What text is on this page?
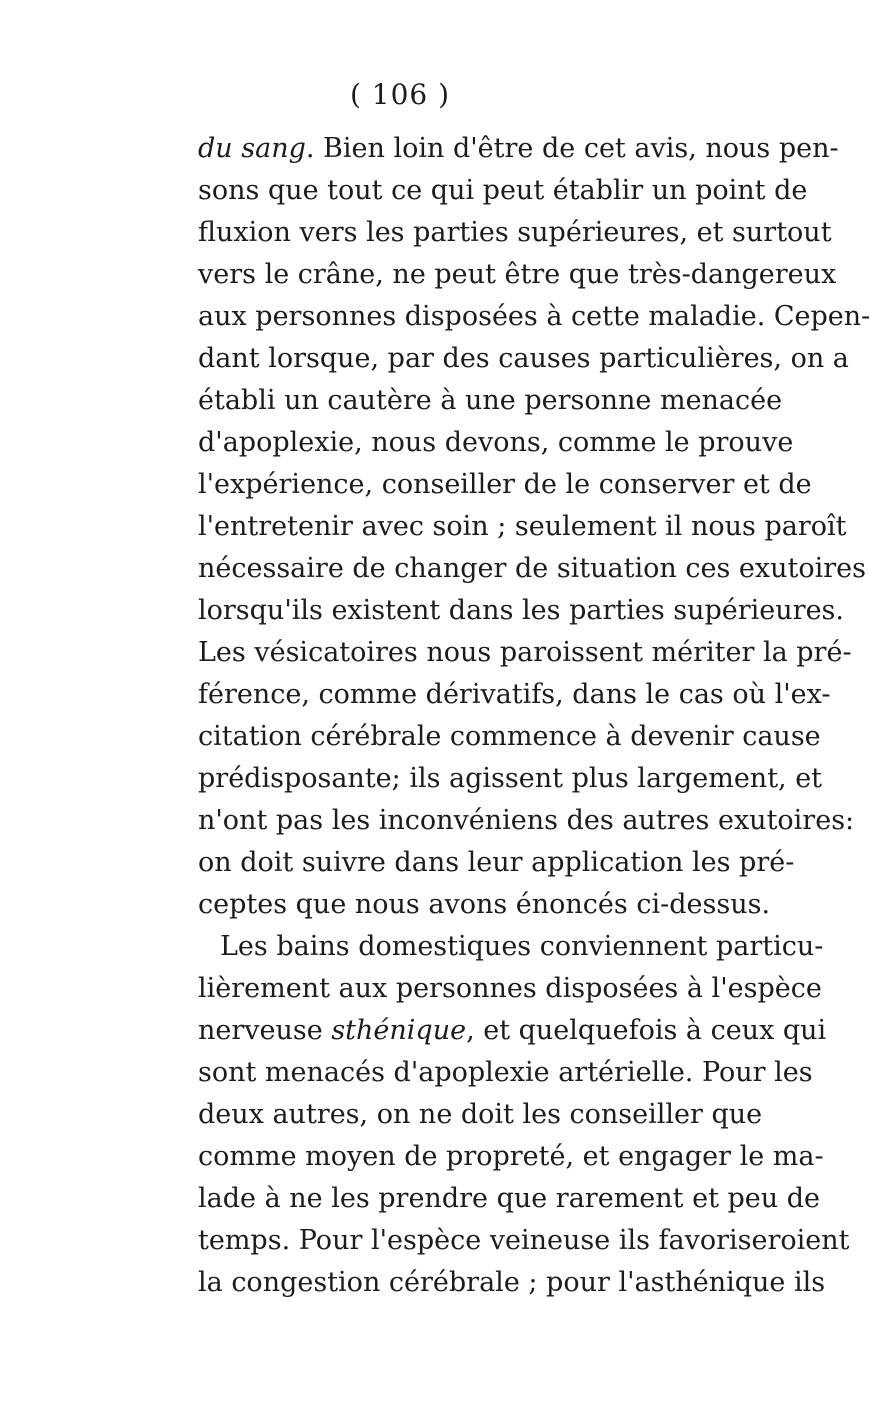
( 106 )
du sang. Bien loin d'être de cet avis, nous pen-
sons que tout ce qui peut établir un point de
fluxion vers les parties supérieures, et surtout
vers le crâne, ne peut être que très-dangereux
aux personnes disposées à cette maladie. Cepen-
dant lorsque, par des causes particulières, on a
établi un cautère à une personne menacée
d'apoplexie, nous devons, comme le prouve
l'expérience, conseiller de le conserver et de
l'entretenir avec soin ; seulement il nous paroît
nécessaire de changer de situation ces exutoires
lorsqu'ils existent dans les parties supérieures.
Les vésicatoires nous paroissent mériter la pré-
férence, comme dérivatifs, dans le cas où l'ex-
citation cérébrale commence à devenir cause
prédisposante; ils agissent plus largement, et
n'ont pas les inconvéniens des autres exutoires:
on doit suivre dans leur application les pré-
ceptes que nous avons énoncés ci-dessus.
Les bains domestiques conviennent particu-
lièrement aux personnes disposées à l'espèce
nerveuse sthénique, et quelquefois à ceux qui
sont menacés d'apoplexie artérielle. Pour les
deux autres, on ne doit les conseiller que
comme moyen de propreté, et engager le ma-
lade à ne les prendre que rarement et peu de
temps. Pour l'espèce veineuse ils favoriseroient
la congestion cérébrale ; pour l'asthénique ils
